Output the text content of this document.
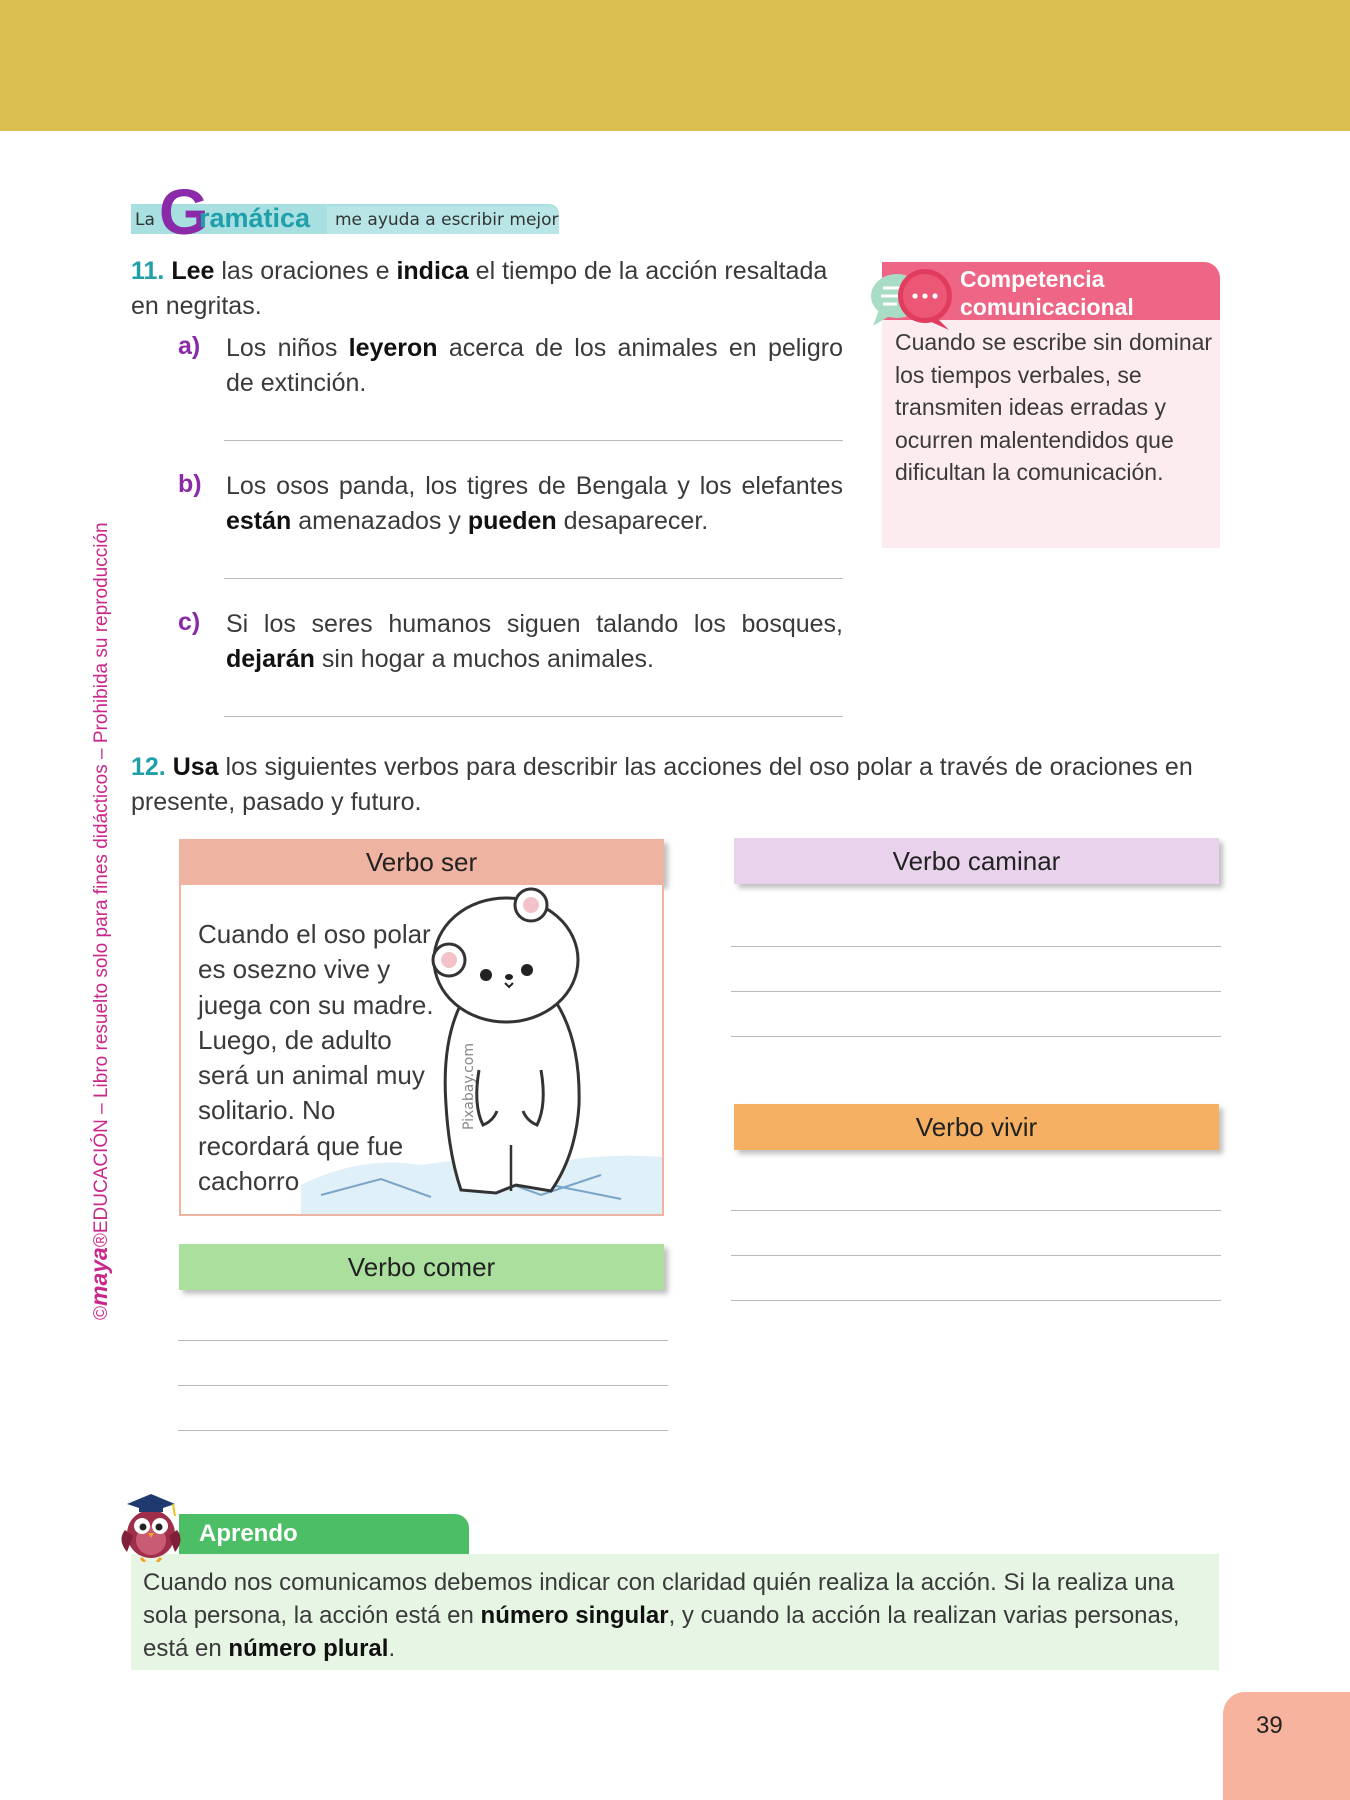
©maya®EDUCACIÓN – Libro resuelto solo para fines didácticos – Prohibida su reproducción
me ayuda a escribir mejor
La G
ramática
11. Lee las oraciones e indica el tiempo de la acción resaltada en negritas.
a) Los niños leyeron acerca de los animales en peligro de extinción.
b) Los osos panda, los tigres de Bengala y los elefantes están amenazados y pueden desaparecer.
c) Si los seres humanos siguen talando los bosques, dejarán sin hogar a muchos animales.
Competencia comunicacional

Cuando se escribe sin dominar los tiempos verbales, se transmiten ideas erradas y ocurren malentendidos que dificultan la comunicación.

12. Usa los siguientes verbos para describir las acciones del oso polar a través de oraciones en presente, pasado y futuro.
Verbo ser
Cuando el oso polar es osezno vive y juega con su madre. Luego, de adulto será un animal muy solitario. No recordará que fue cachorro.
Pixabay.com
Verbo caminar
Verbo vivir
Verbo comer
Aprendo

Cuando nos comunicamos debemos indicar con claridad quién realiza la acción. Si la realiza una sola persona, la acción está en número singular, y cuando la acción la realizan varias personas, está en número plural.

39
